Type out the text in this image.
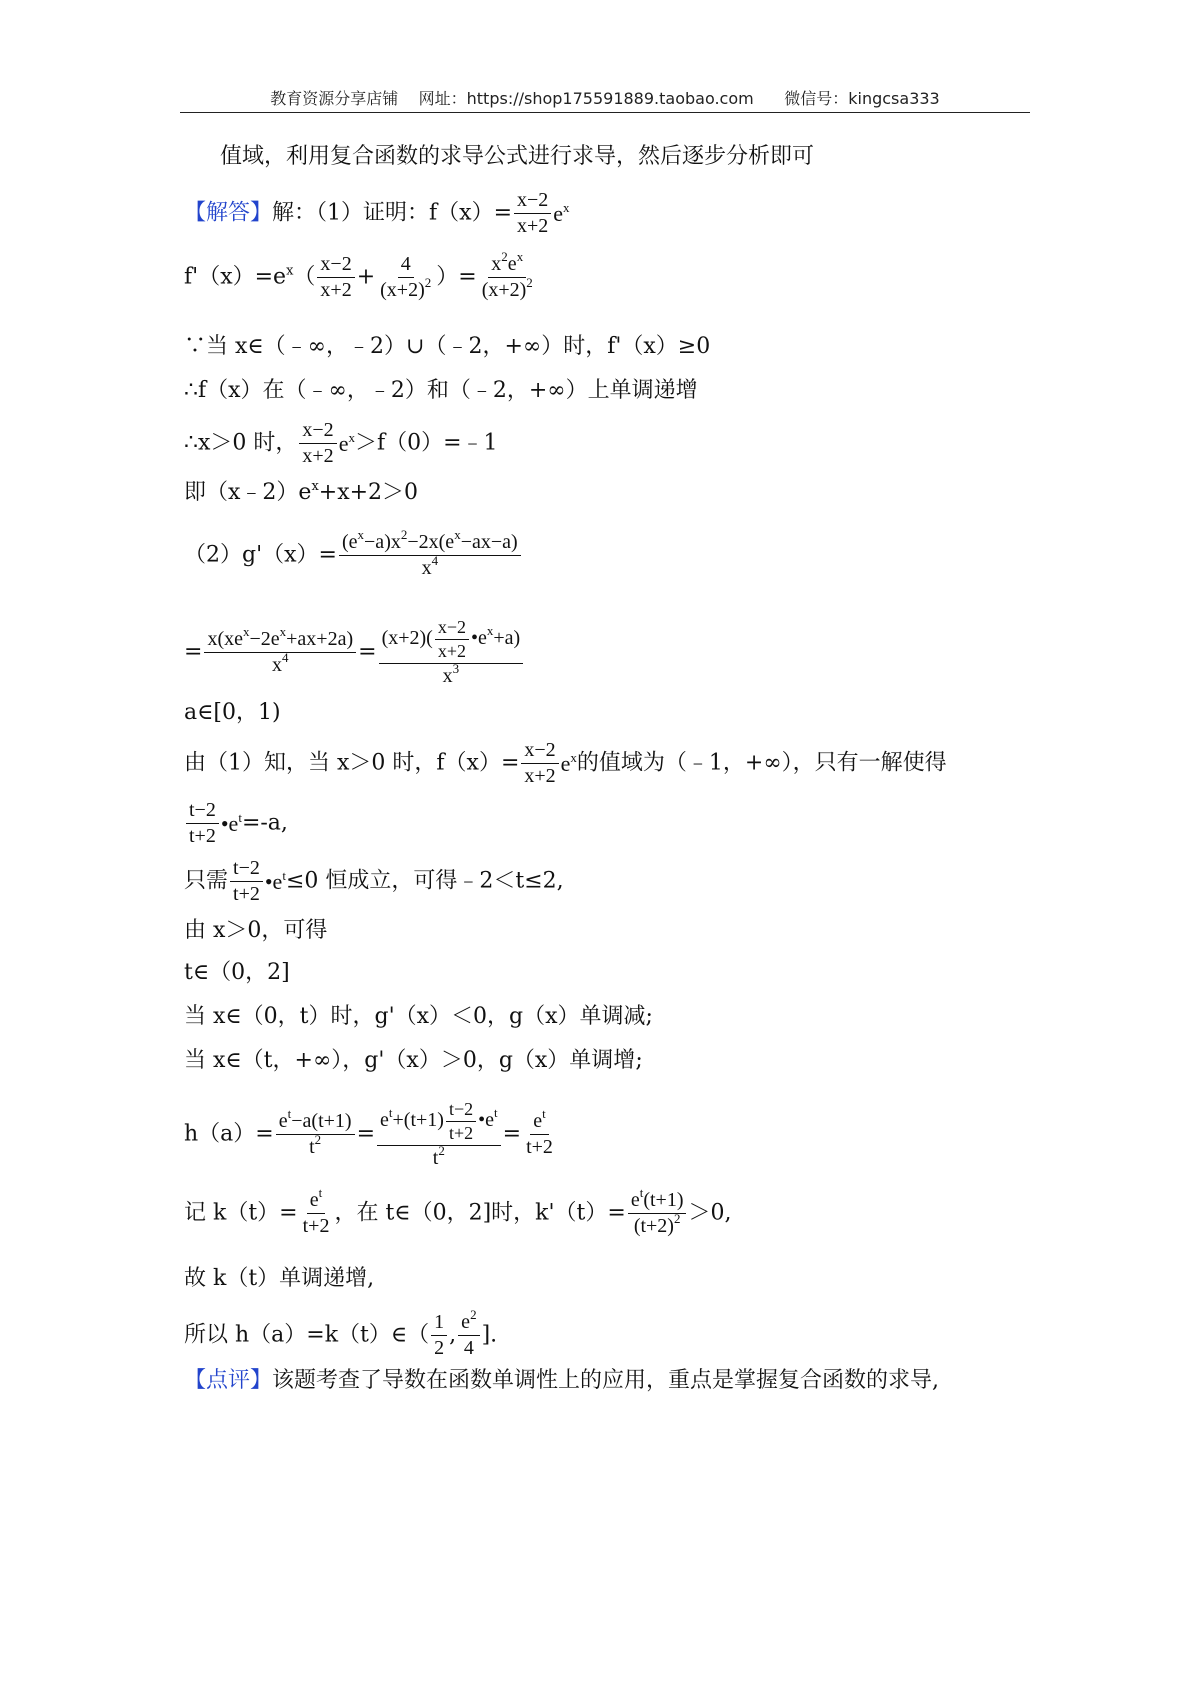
教育资源分享店铺 网址：https://shop175591889.taobao.com 微信号：kingcsa333
值域，利用复合函数的求导公式进行求导，然后逐步分析即可
【解答】解：（1）证明：$f(x)= \frac{x-2}{x+2} e^x$
$f'(x)=e^x( \frac{x-2}{x+2} + \frac{4}{(x+2)^2}$ ）= $\frac{x^2e^x}{(x+2)^2}$
∵当 x∈（﹣∞，﹣2）∪（﹣2，+∞）时，f'（x）≥0
∴f（x）在（﹣∞，﹣2）和（﹣2，+∞）上单调递增
∴x＞0 时， $\frac{x-2}{x+2}$ $e^x>f(0)=﹣1$
即$(x﹣2)e^x+x+2>0$
$(2)g'(x)= \frac{(e^x-a)x^2-2x(e^x-ax-a)}{x^4}$
= $\frac{x(xe^x-2e^x+ax+2a)}{x^4} = \frac{(x+2)( \frac{x-2}{x+2} •e^x+a)}{x^3}$
a∈[0，1)
由（1）知，当 x＞0 时，$f(x)= \frac{x-2}{x+2} e^x$的值域为（﹣1，+∞），只有一解使得
$\frac{t-2}{t+2}$ $•e^t=-a$,
只需 $\frac{t-2}{t+2}$ $•e^t\le 0$ 恒成立，可得﹣2＜t≤2,
由 x＞0，可得
t∈（0，2]
当 x∈（0，t）时，g'（x）＜0，g（x）单调减;
当 x∈（t，+∞），g'（x）＞0，g（x）单调增;
$h(a)= \frac{e^t-a(t+1)}{t^2} = \frac{e^t+(t+1) \frac{t-2}{t+2} •e^t}{t^2} = \frac{e^t}{t+2}$
记 $k(t)= \frac{e^t}{t+2}$ ，在 t∈（0，2]时，$k'(t)= \frac{e^t(t+1)}{(t+2)^2} >0$,
故 k（t）单调递增,
所以 h（a）=k（t）∈（ $\frac{1}{2}$ , $\frac{e^2}{4}$ ].
【点评】该题考查了导数在函数单调性上的应用，重点是掌握复合函数的求导,
